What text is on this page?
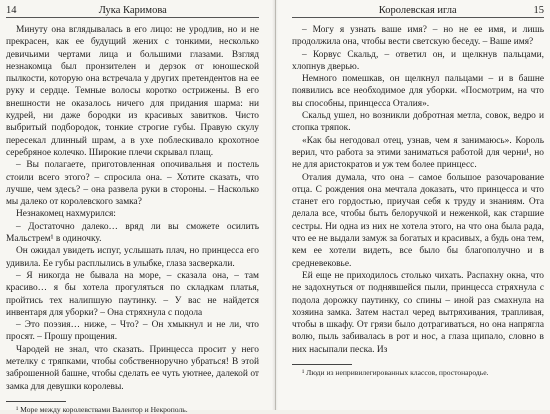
14	Лука Каримова

Минуту она вглядывалась в его лицо: не уродлив, но и не прекрасен, как ее будущий жених с тонкими, несколько девичьими чертами лица и большими глазами. Взгляд незнакомца был пронзителен и дерзок от юношеской пылкости, которую она встречала у других претендентов на ее руку и сердце. Темные волосы коротко острижены. В его внешности не оказалось ничего для придания шарма: ни кудрей, ни даже бородки из красивых завитков. Чисто выбритый подбородок, тонкие строгие губы. Правую скулу пересекал длинный шрам, а в ухе поблескивало крохотное серебряное колечко. Широкие плечи скрывал плащ.

– Вы полагаете, приготовленная опочивальня и постель стоили всего этого? – спросила она. – Хотите сказать, что лучше, чем здесь? – она развела руки в стороны. – Насколько мы далеко от королевского замка?

Незнакомец нахмурился:

– Достаточно далеко… вряд ли вы сможете осилить Мальстрем¹ в одиночку.

Он ожидал увидеть испуг, услышать плач, но принцесса его удивила. Ее губы расплылись в улыбке, глаза засверкали.

– Я никогда не бывала на море, – сказала она, – там красиво… я бы хотела прогуляться по складкам платья, пройтись тех налипшую паутинку. – У вас не найдется инвентаря для уборки? – Она стряхнула с подола

– Это поэзия… ниже, – Что? – Он хмыкнул и не ли, что просят. – Прошу прощения.

Чародей не знал, что сказать. Принцесса просит у него метелку с тряпками, чтобы собственноручно убраться! В этой заброшенной башне, чтобы сделать ее чуть уютнее, далекой от замка для девушки королевы.

¹ Море между королевствами Валентор и Некрополь.
Королевская игла	15

– Могу я узнать ваше имя? – но не ее имя, и лишь продолжила она, чтобы вести светскую беседу. – Ваше имя?

– Корвус Скальд, – ответил он, и щелкнув пальцами, хлопнув дверью.

Немного помешкав, он щелкнул пальцами – и в башне появились все необходимое для уборки. «Посмотрим, на что вы способны, принцесса Оталия».

Скальд ушел, но возникли добротная метла, совок, ведро и стопка тряпок.

«Как бы негодовал отец, узнав, чем я занимаюсь». Король верил, что работа за этими заниматься работой для черни¹, но не для аристократов и уж тем более принцесс.

Оталия думала, что она – самое большое разочарование отца. С рождения она мечтала доказать, что принцесса и что станет его гордостью, приучая себя к труду и знаниям. Ота делала все, чтобы быть белоручкой и неженкой, как старшие сестры. Ни одна из них не хотела этого, на что она была рада, что ее не выдали замуж за богатых и красивых, а будь она тем, кем ее хотели видеть, все было бы благополучно и в средневековье.

Ей еще не приходилось столько чихать. Распахну окна, что не задохнуться от поднявшейся пыли, принцесса стряхнула с подола дорожку паутинку, со спины – иной раз смахнула на хозяина замка. Затем настал черед вытряхивания, трапливая, чтобы в шкафу. От грязи было дотрагиваться, но она напрягла волю, пыль забивалась в рот и нос, а глаза щипало, словно в них насыпали песка. Из

¹ Люди из непривилегированных классов, простонародье.
